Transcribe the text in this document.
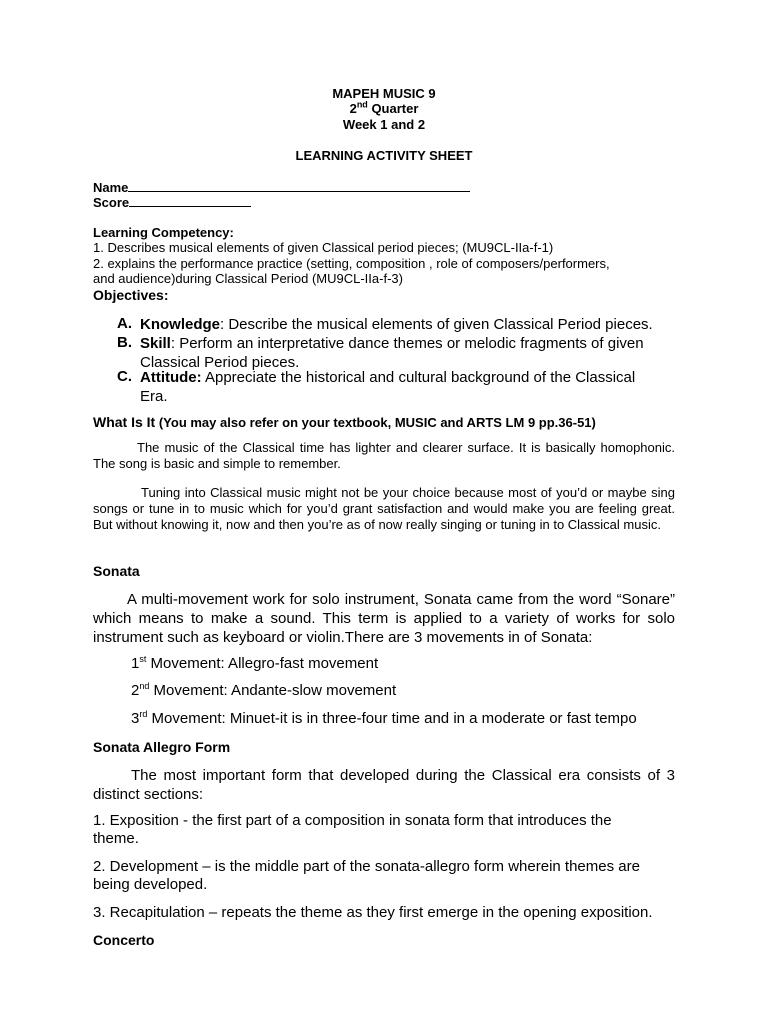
MAPEH MUSIC 9
2nd Quarter
Week 1 and 2
LEARNING ACTIVITY SHEET
Name
Score
Learning Competency:
1. Describes musical elements of given Classical period pieces; (MU9CL-IIa-f-1)
2. explains the performance practice (setting, composition , role of composers/performers,
and audience)during Classical Period (MU9CL-IIa-f-3)
Objectives:
A. Knowledge: Describe the musical elements of given Classical Period pieces.
B. Skill: Perform an interpretative dance themes or melodic fragments of given Classical Period pieces.
C. Attitude: Appreciate the historical and cultural background of the Classical Era.
What Is It (You may also refer on your textbook, MUSIC and ARTS LM 9 pp.36-51)
The music of the Classical time has lighter and clearer surface. It is basically homophonic. The song is basic and simple to remember.
Tuning into Classical music might not be your choice because most of you’d or maybe sing songs or tune in to music which for you’d grant satisfaction and would make you are feeling great. But without knowing it, now and then you’re as of now really singing or tuning in to Classical music.
Sonata
A multi-movement work for solo instrument, Sonata came from the word “Sonare” which means to make a sound. This term is applied to a variety of works for solo instrument such as keyboard or violin.There are 3 movements in of Sonata:
1st Movement: Allegro-fast movement
2nd Movement: Andante-slow movement
3rd Movement: Minuet-it is in three-four time and in a moderate or fast tempo
Sonata Allegro Form
The most important form that developed during the Classical era consists of 3 distinct sections:
1. Exposition - the first part of a composition in sonata form that introduces the theme.
2. Development – is the middle part of the sonata-allegro form wherein themes are being developed.
3. Recapitulation – repeats the theme as they first emerge in the opening exposition.
Concerto
